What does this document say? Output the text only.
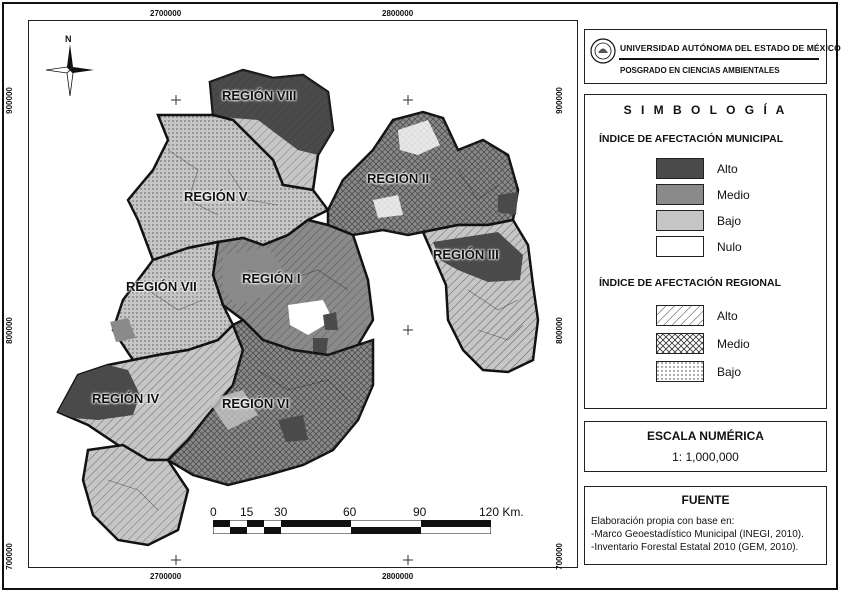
2700000	2800000
2700000	2800000
900000
800000
700000
900000
800000
700000
REGIÓN VIII
REGIÓN II
REGIÓN V
REGIÓN III
REGIÓN I
REGIÓN VII
REGIÓN IV	REGIÓN VI
N
0 15 30	60	90	120 Km.
UNIVERSIDAD AUTÓNOMA DEL ESTADO DE MÉXICO
POSGRADO EN CIENCIAS AMBIENTALES
S I M B O L O G Í A
ÍNDICE DE AFECTACIÓN MUNICIPAL
Alto
Medio
Bajo
Nulo
ÍNDICE DE AFECTACIÓN REGIONAL
Alto
Medio
Bajo
ESCALA NUMÉRICA
1: 1,000,000
FUENTE
Elaboración propia con base en:
-Marco Geoestadístico Municipal (INEGI, 2010).
-Inventario Forestal Estatal 2010 (GEM, 2010).
